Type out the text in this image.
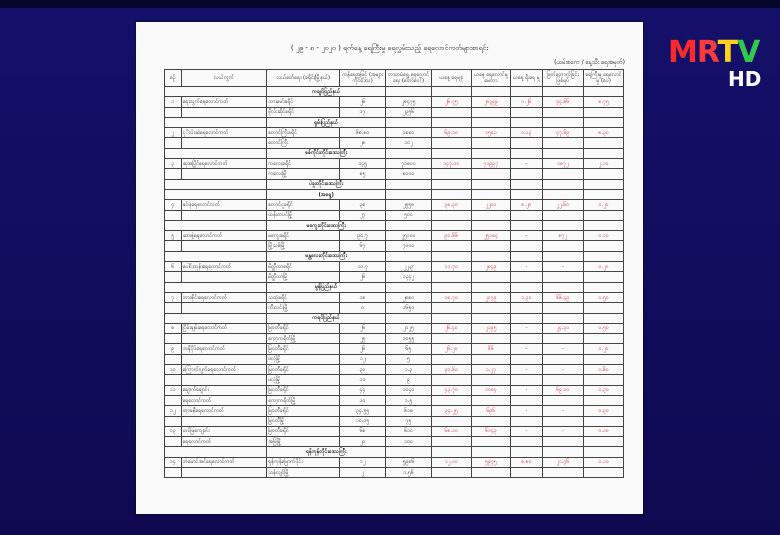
MRTV
HD
( ၂၉ - ၈ - ၂၀၂၀ ) ရက်နေ့ ရေကြီးမှု ရေလွှမ်းသည့် ရေလောင်ကတ်များစာရင်း
(ယမ်းစကေ / နေ့သီး ရေအမှတ်)
စဉ်	လယ်ကွက်	လယ်ဖော်ရေး (ခရိုင်/မြို့နယ်)	ကန်ရေအမြင့် (အများကိုင်ဒေသ)	တာတမံရွှေ ရေလောင်ရေး (တော်ပေါ်)	ယနေ့ ရေဗျာ	ယနေ့ ရေလောင်မှု မေတာ	ယနေ့ ရိုးရေ မှု	ဖြတ်တောက်ခြင်း ဖြစ်ရပ်	ရေကြီးမှု ရေလောင်မှု (ပေ)
		ကချင်ပြည်နယ်							
၁	ရေးသွက်ရေလောင်ကတ်	ဘားမော်ခရိုင်	၂၆	၂၈၄၇၅	၂၆.၇၅	၂၀၃၉၉	၁.၂၆	၄၄.၆၆	၈.၇၅
		ဗိုလ်းဆိုင်ခရိုင်	၁၇	၂၃၅၆					
		ရှမ်းပြည်နယ်							
၂	ငုိလ်းဆဲရေလောင်ကတ်	တောင်ကြီးခရိုင်	၆၈.၈၀	၁၈၈၀	၆၉.၁၀	၁၅၈၁	၀.၁၃	၄၇.၆၉	၈.၃၀
		တောင်ကြီး	၂၈	၁၀၂					
		စစ်ကိုင်းတိုင်းဒေသကြီး							
၃	ဆုအပြိုင်ရေလောင်ကတ်	ကလေးခရိုင်	၁၄၅	၇၁၈၀၀	၁၄၇.၀၀	၇၁၉၉၇	-	၁၈၇၂	၂.၁၀
		ကလေးမြို့	၈၅	၈၀၀၀					
		ပဲခူးတိုင်းဒေသကြီး							
		(အရှေ့)							
၄	ခင်မုံရေလောင်ကတ်	တောင်ငူခရိုင်	၃၈	၂၅၅၈	၃၈.၃၀	၂၂၀၀	၈.၂၀	၂၂.၆၀	၀.၂၀
		ထန်းတပင်မြို့	၂၇	၅၀၀					
		မကွေးတိုင်းဒေသကြီး							
၅	ဆားနဲ့ရေလောင်ကတ်	မကွေးခရိုင်	၉၀.၇	၂၅၁၀၀	၉၀.၆၆	၂၅၁၈၄	-	၈၇၂	၀.၁၀
		မြို့သစ်မြို့	၆၇	၇၀၀၀					
		မန္တလေးတိုင်းဒေသကြီး							
၆	ပေါင်းတုန်းရေလောင်ကတ်	မိတ္ထီလာခရိုင်	၁၀.၇	၂၂.၉	၁၁.၇၀	၂၈၄၉	-	-	၀.၂၀
		မိတ္ထီလာမြို့	၂၆	၁၃၄၂					
		မွန်ပြည်နယ်							
၇	ဘားဇိုင်းရေလောင်ကတ်	သထုံခရိုင်	၁၈	၂၈၈၀	၁၈.၇၀	၂၀၇၉	၁.၃၀	၆၆.၄၉	၀.၅၀
		ဘီးလင်းမြို့	၀	၁၆၅၀					
		ကရင်ပြည်နယ်							
၈	ငြိမ်းချမ်းရေလောင်ကတ်	မြဝတီခရိုင်	၂၆	၂၁၂၅	၂၆.၄၀	၂၁၉၅	-	၂၄.၃၀	၀.၅၀
		ကော့ကရိတ်မြို့	၂၅	၁၀၅၅					
၉	ဘရိုငှိပ်ရေလောင်ကတ်	မြဝတီခရိုင်	၂၆	၆၅	၂၆.၂၀	၆၆	-	-	၀.၂၀
		ဖလုံမြို့	၁၂	၅					
၁၀	ကြောက်ဂျက်ရေလောင်ကတ်	မြဝတီခရိုင်	၃၀	၁.၃	၃၀.၆၀	၁.၂၇	-	-	၀.၆၀
		ဖလုံမြို့	၁၀	၉					
၁၁	ချောက်ချောင်း	မြဝတီခရိုင်	၄၄	၁၀၄၀	၄၃.၇၀	၁၀၈၄	-	၆၉.၀၀	၀.၃၀
	ရေလောင်ကတ်	ကော့ကရိတ်မြို့	၁၀	၁.၅					
၁၂	တာခနီရေလောင်ကတ်	မြဝတီခရိုင်	၃၄.၅၅	၆၁၈	၃၄.၂၅	၆၉၆	-	-	၀.၃၀
		မြဝတီမြို့	၁၀.၀၅	၇၅					
၁၃	ဟင်မြကျောင်း	မြဝတီခရိုင်	၆၈	၆၁၀	၆၈.၁၀	၆၁၄၃	-	-	၀.၁၀
	ရေလောင်ကတ်	အဖြံမြို့	၂၀	၁၀၀					
		ရန်ကုန်တိုင်းဒေသကြီး							
၁၄	ဘဲမောင်အင်ရေလောင်ကတ်	ရန်ကုန်မြောက်ပိုင်း	၁၂	၅၉၈၆	၁၂.၁၀	၅၉၇၅	၈.၈၀	၂၁.၇၆	၀.၁၀
		သန်လျင်မြို့	၂	၁.၅၆					
